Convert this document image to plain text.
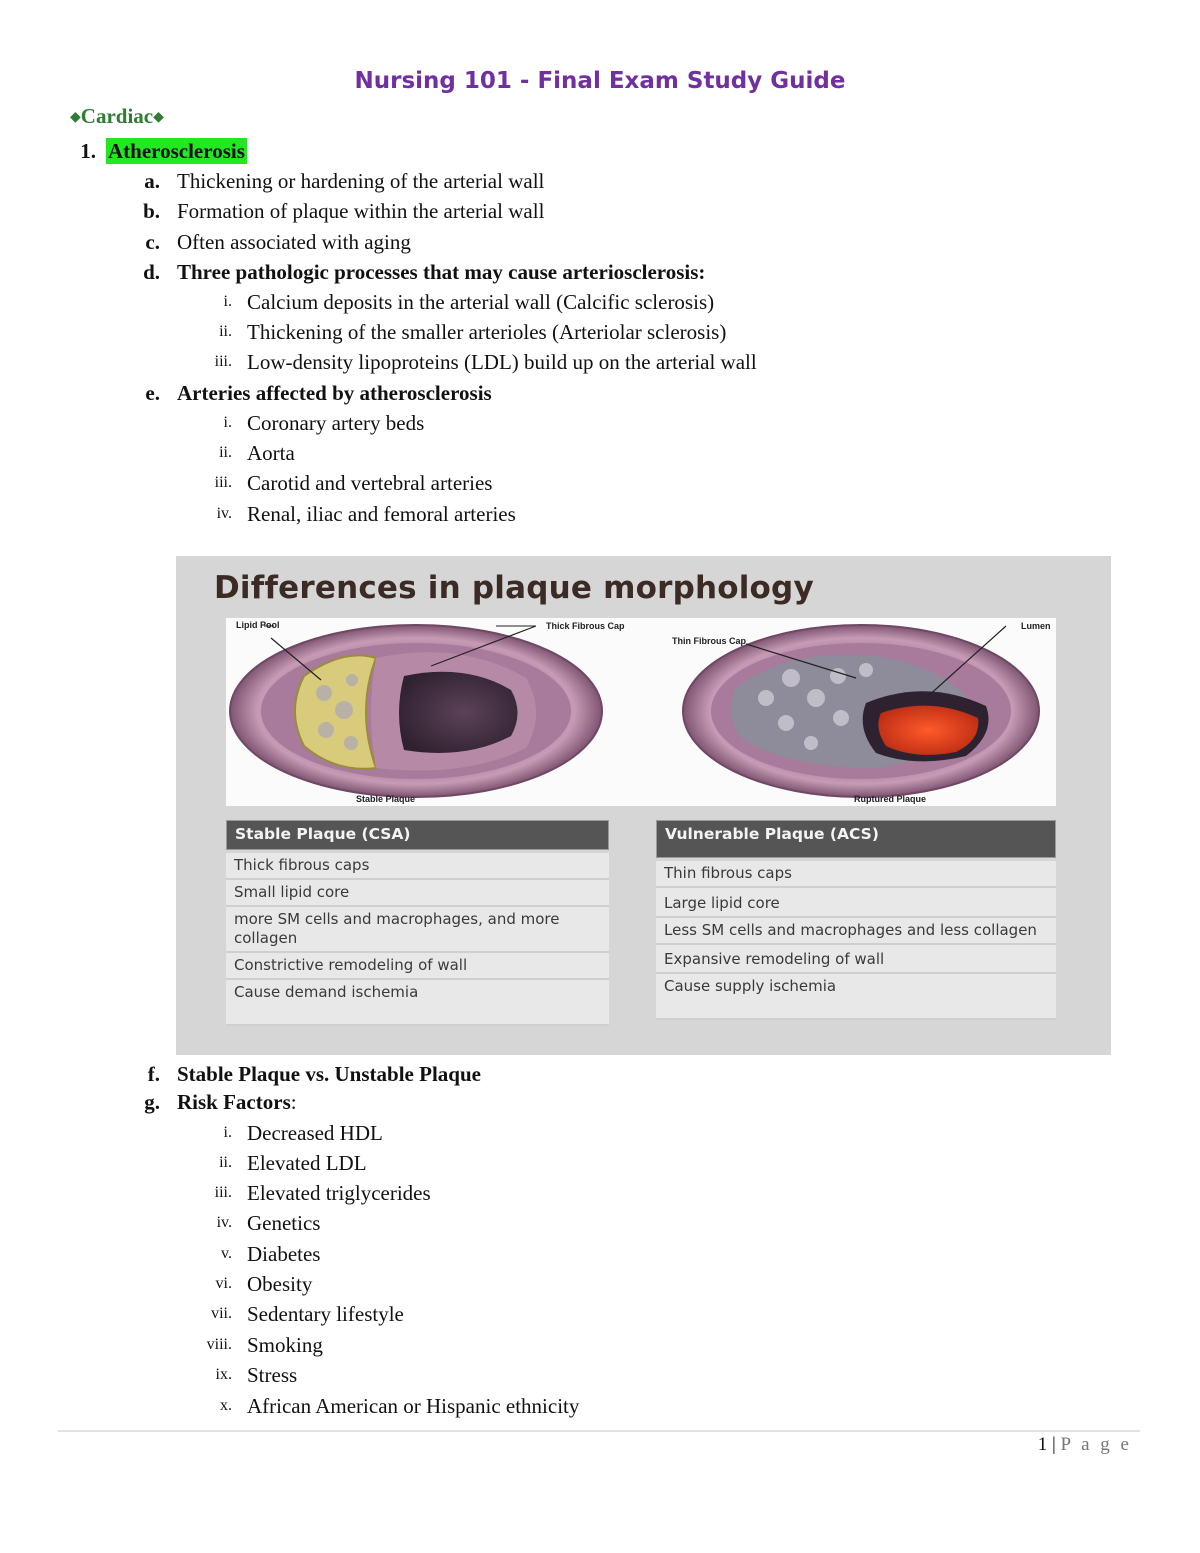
Nursing 101 - Final Exam Study Guide
◆Cardiac◆
1. Atherosclerosis
a. Thickening or hardening of the arterial wall
b. Formation of plaque within the arterial wall
c. Often associated with aging
d. Three pathologic processes that may cause arteriosclerosis:
i. Calcium deposits in the arterial wall (Calcific sclerosis)
ii. Thickening of the smaller arterioles (Arteriolar sclerosis)
iii. Low-density lipoproteins (LDL) build up on the arterial wall
e. Arteries affected by atherosclerosis
i. Coronary artery beds
ii. Aorta
iii. Carotid and vertebral arteries
iv. Renal, iliac and femoral arteries
Differences in plaque morphology
Lipid Pool	Thick Fibrous Cap
Stable Plaque
Thin Fibrous Cap
Lumen
Ruptured Plaque
Stable Plaque (CSA)
Thick fibrous caps
Small lipid core
more SM cells and macrophages, and more collagen
Constrictive remodeling of wall
Cause demand ischemia
Vulnerable Plaque (ACS)
Thin fibrous caps
Large lipid core
Less SM cells and macrophages and less collagen
Expansive remodeling of wall
Cause supply ischemia
f. Stable Plaque vs. Unstable Plaque
g. Risk Factors:
i. Decreased HDL
ii. Elevated LDL
iii. Elevated triglycerides
iv. Genetics
v. Diabetes
vi. Obesity
vii. Sedentary lifestyle
viii. Smoking
ix. Stress
x. African American or Hispanic ethnicity
1 | P a g e
